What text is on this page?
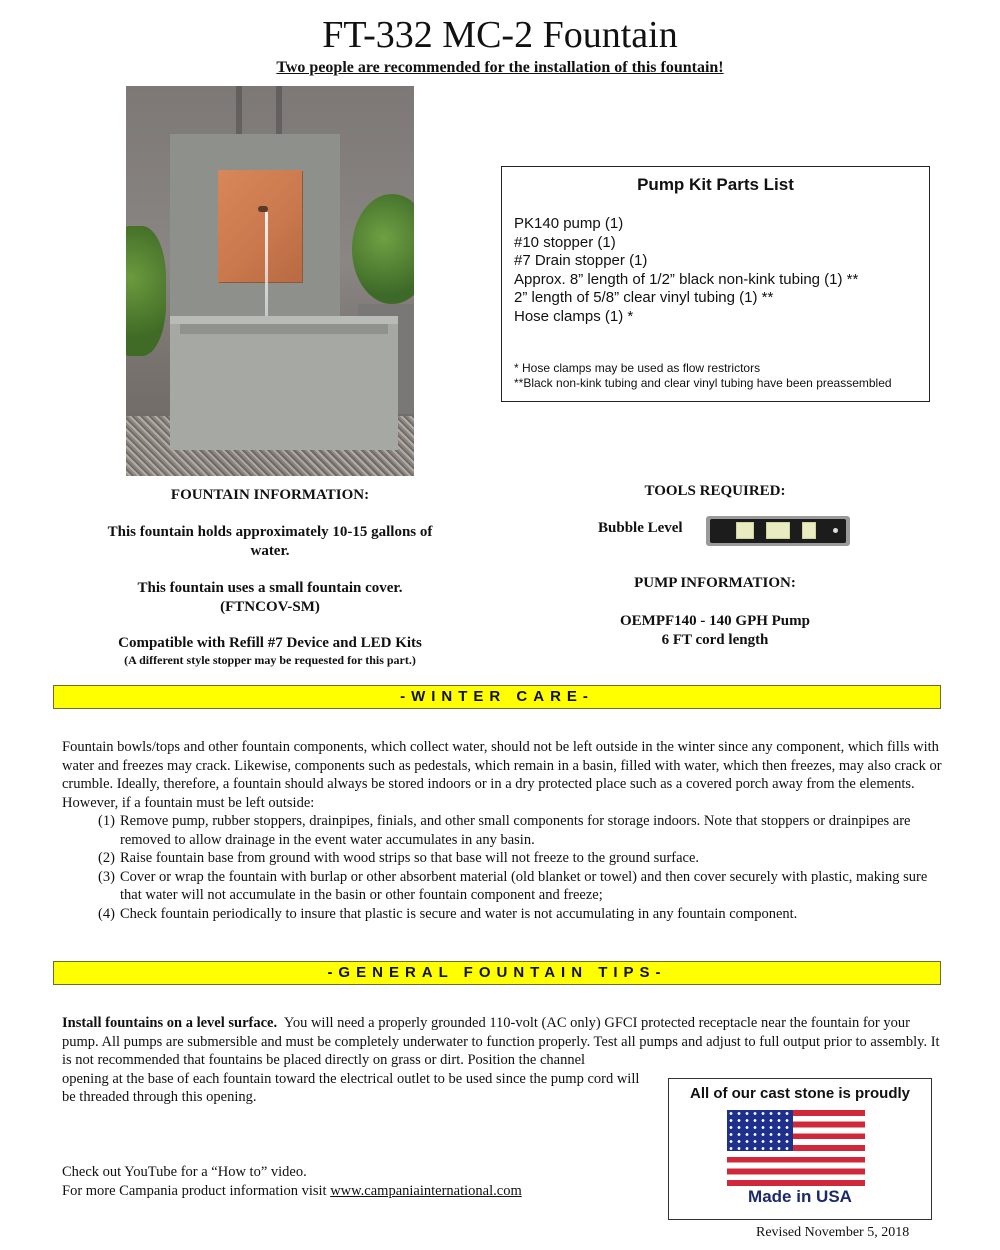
FT-332 MC-2 Fountain
Two people are recommended for the installation of this fountain!
Pump Kit Parts List
PK140 pump (1)
#10 stopper (1)
#7 Drain stopper (1)
Approx. 8” length of 1/2” black non-kink tubing (1) **
2” length of 5/8” clear vinyl tubing (1) **
Hose clamps (1) *
* Hose clamps may be used as flow restrictors
**Black non-kink tubing and clear vinyl tubing have been preassembled
FOUNTAIN INFORMATION:
This fountain holds approximately 10-15 gallons of water.
This fountain uses a small fountain cover.
(FTNCOV-SM)
Compatible with Refill #7 Device and LED Kits
(A different style stopper may be requested for this part.)
TOOLS REQUIRED:
Bubble Level
PUMP INFORMATION:
OEMPF140 - 140 GPH Pump
6 FT cord length
-WINTER CARE-

Fountain bowls/tops and other fountain components, which collect water, should not be left outside in the winter since any component, which fills with water and freezes may crack. Likewise, components such as pedestals, which remain in a basin, filled with water, which then freezes, may also crack or crumble. Ideally, therefore, a fountain should always be stored indoors or in a dry protected place such as a covered porch away from the elements. However, if a fountain must be left outside:

(1) Remove pump, rubber stoppers, drainpipes, finials, and other small components for storage indoors. Note that stoppers or drainpipes are removed to allow drainage in the event water accumulates in any basin.
(2) Raise fountain base from ground with wood strips so that base will not freeze to the ground surface.
(3) Cover or wrap the fountain with burlap or other absorbent material (old blanket or towel) and then cover securely with plastic, making sure that water will not accumulate in the basin or other fountain component and freeze;
(4) Check fountain periodically to insure that plastic is secure and water is not accumulating in any fountain component.
-GENERAL FOUNTAIN TIPS-
Install fountains on a level surface. You will need a properly grounded 110-volt (AC only) GFCI protected receptacle near the fountain for your pump. All pumps are submersible and must be completely underwater to function properly. Test all pumps and adjust to full output prior to assembly. It is not recommended that fountains be placed directly on grass or dirt. Position the channel
opening at the base of each fountain toward the electrical outlet to be used since the pump cord will be threaded through this opening.	All of our cast stone is proudly
Made in USA
Check out YouTube for a “How to” video.
For more Campania product information visit www.campaniainternational.com
Revised November 5, 2018
